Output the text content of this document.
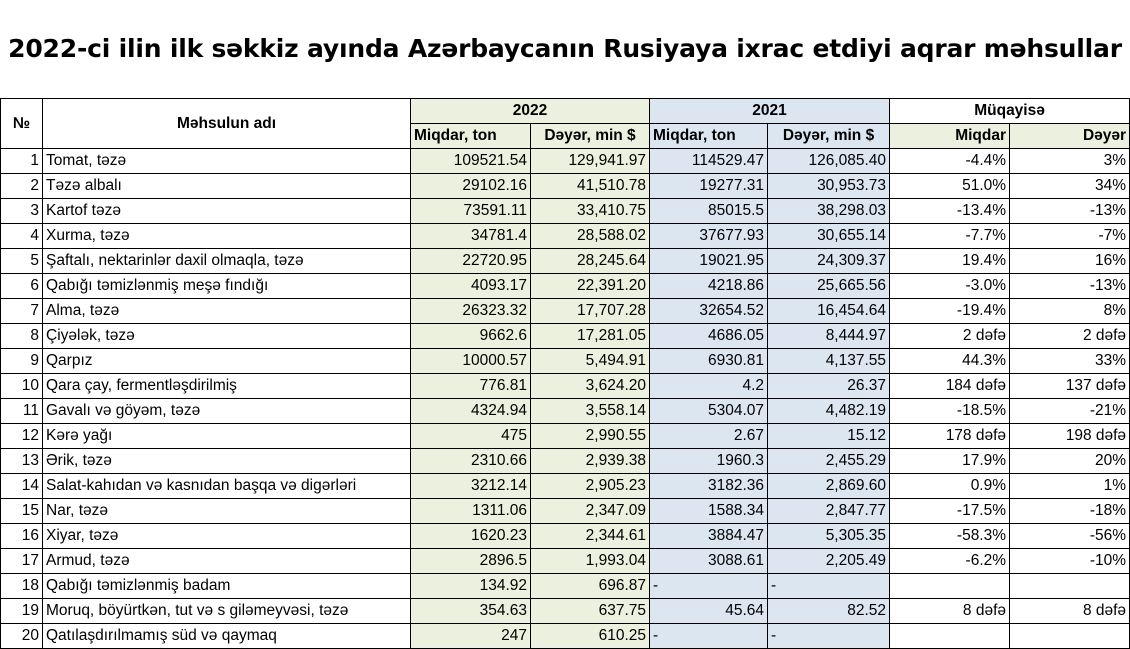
2022-ci ilin ilk səkkiz ayında Azərbaycanın Rusiyaya ixrac etdiyi aqrar məhsullar
№	Məhsulun adı	2022		2021		Müqayisə	
		Miqdar, ton	Dəyər, min $	Miqdar, ton	Dəyər, min $	Miqdar	Dəyər
1	Tomat, təzə	109521.54	129,941.97	114529.47	126,085.40	-4.4%	3%
2	Təzə albalı	29102.16	41,510.78	19277.31	30,953.73	51.0%	34%
3	Kartof təzə	73591.11	33,410.75	85015.5	38,298.03	-13.4%	-13%
4	Xurma, təzə	34781.4	28,588.02	37677.93	30,655.14	-7.7%	-7%
5	Şaftalı, nektarinlər daxil olmaqla, təzə	22720.95	28,245.64	19021.95	24,309.37	19.4%	16%
6	Qabığı təmizlənmiş meşə fındığı	4093.17	22,391.20	4218.86	25,665.56	-3.0%	-13%
7	Alma, təzə	26323.32	17,707.28	32654.52	16,454.64	-19.4%	8%
8	Çiyələk, təzə	9662.6	17,281.05	4686.05	8,444.97	2 dəfə	2 dəfə
9	Qarpız	10000.57	5,494.91	6930.81	4,137.55	44.3%	33%
10	Qara çay, fermentləşdirilmiş	776.81	3,624.20	4.2	26.37	184 dəfə	137 dəfə
11	Gavalı və göyəm, təzə	4324.94	3,558.14	5304.07	4,482.19	-18.5%	-21%
12	Kərə yağı	475	2,990.55	2.67	15.12	178 dəfə	198 dəfə
13	Ərik, təzə	2310.66	2,939.38	1960.3	2,455.29	17.9%	20%
14	Salat-kahıdan və kasnıdan başqa və digərləri	3212.14	2,905.23	3182.36	2,869.60	0.9%	1%
15	Nar, təzə	1311.06	2,347.09	1588.34	2,847.77	-17.5%	-18%
16	Xiyar, təzə	1620.23	2,344.61	3884.47	5,305.35	-58.3%	-56%
17	Armud, təzə	2896.5	1,993.04	3088.61	2,205.49	-6.2%	-10%
18	Qabığı təmizlənmiş badam	134.92	696.87	-	-		
19	Moruq, böyürtkən, tut və s giləmeyvəsi, təzə	354.63	637.75	45.64	82.52	8 dəfə	8 dəfə
20	Qatılaşdırılmamış süd və qaymaq	247	610.25	-	-		
